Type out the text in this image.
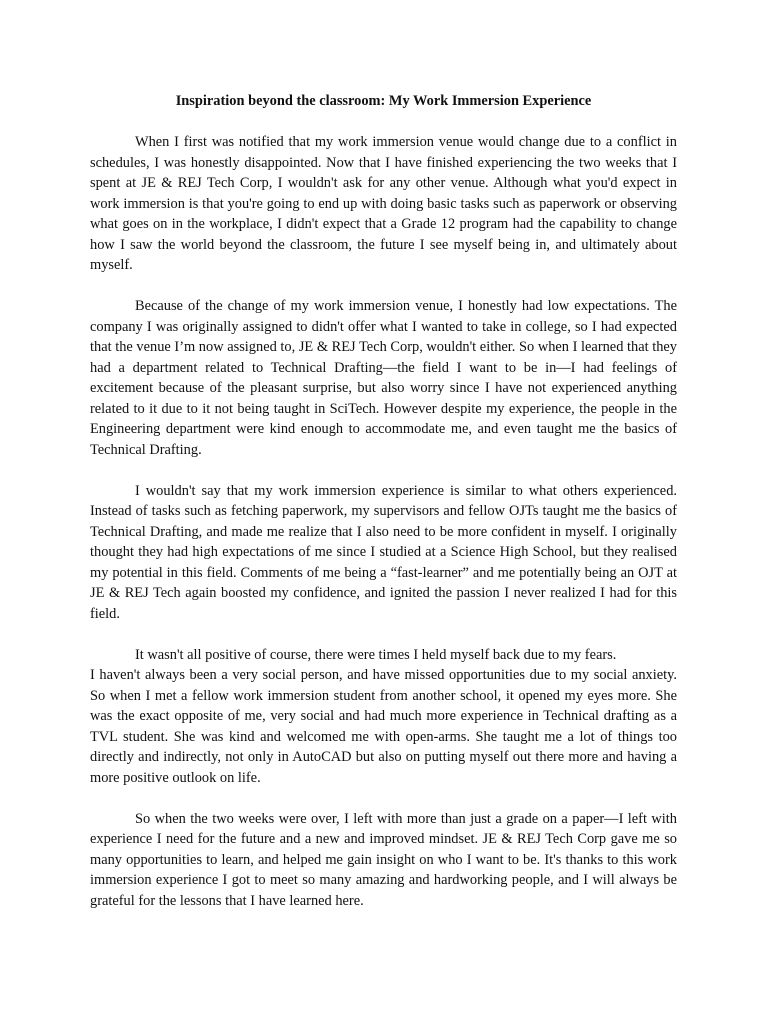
Inspiration beyond the classroom: My Work Immersion Experience

When I first was notified that my work immersion venue would change due to a conflict in schedules, I was honestly disappointed. Now that I have finished experiencing the two weeks that I spent at JE & REJ Tech Corp, I wouldn't ask for any other venue. Although what you'd expect in work immersion is that you're going to end up with doing basic tasks such as paperwork or observing what goes on in the workplace, I didn't expect that a Grade 12 program had the capability to change how I saw the world beyond the classroom, the future I see myself being in, and ultimately about myself.

Because of the change of my work immersion venue, I honestly had low expectations. The company I was originally assigned to didn't offer what I wanted to take in college, so I had expected that the venue I’m now assigned to, JE & REJ Tech Corp, wouldn't either. So when I learned that they had a department related to Technical Drafting—the field I want to be in—I had feelings of excitement because of the pleasant surprise, but also worry since I have not experienced anything related to it due to it not being taught in SciTech. However despite my experience, the people in the Engineering department were kind enough to accommodate me, and even taught me the basics of Technical Drafting.

I wouldn't say that my work immersion experience is similar to what others experienced. Instead of tasks such as fetching paperwork, my supervisors and fellow OJTs taught me the basics of Technical Drafting, and made me realize that I also need to be more confident in myself. I originally thought they had high expectations of me since I studied at a Science High School, but they realised my potential in this field. Comments of me being a “fast-learner” and me potentially being an OJT at JE & REJ Tech again boosted my confidence, and ignited the passion I never realized I had for this field.

It wasn't all positive of course, there were times I held myself back due to my fears.

I haven't always been a very social person, and have missed opportunities due to my social anxiety. So when I met a fellow work immersion student from another school, it opened my eyes more. She was the exact opposite of me, very social and had much more experience in Technical drafting as a TVL student. She was kind and welcomed me with open-arms. She taught me a lot of things too directly and indirectly, not only in AutoCAD but also on putting myself out there more and having a more positive outlook on life.

So when the two weeks were over, I left with more than just a grade on a paper—I left with experience I need for the future and a new and improved mindset. JE & REJ Tech Corp gave me so many opportunities to learn, and helped me gain insight on who I want to be. It's thanks to this work immersion experience I got to meet so many amazing and hardworking people, and I will always be grateful for the lessons that I have learned here.
